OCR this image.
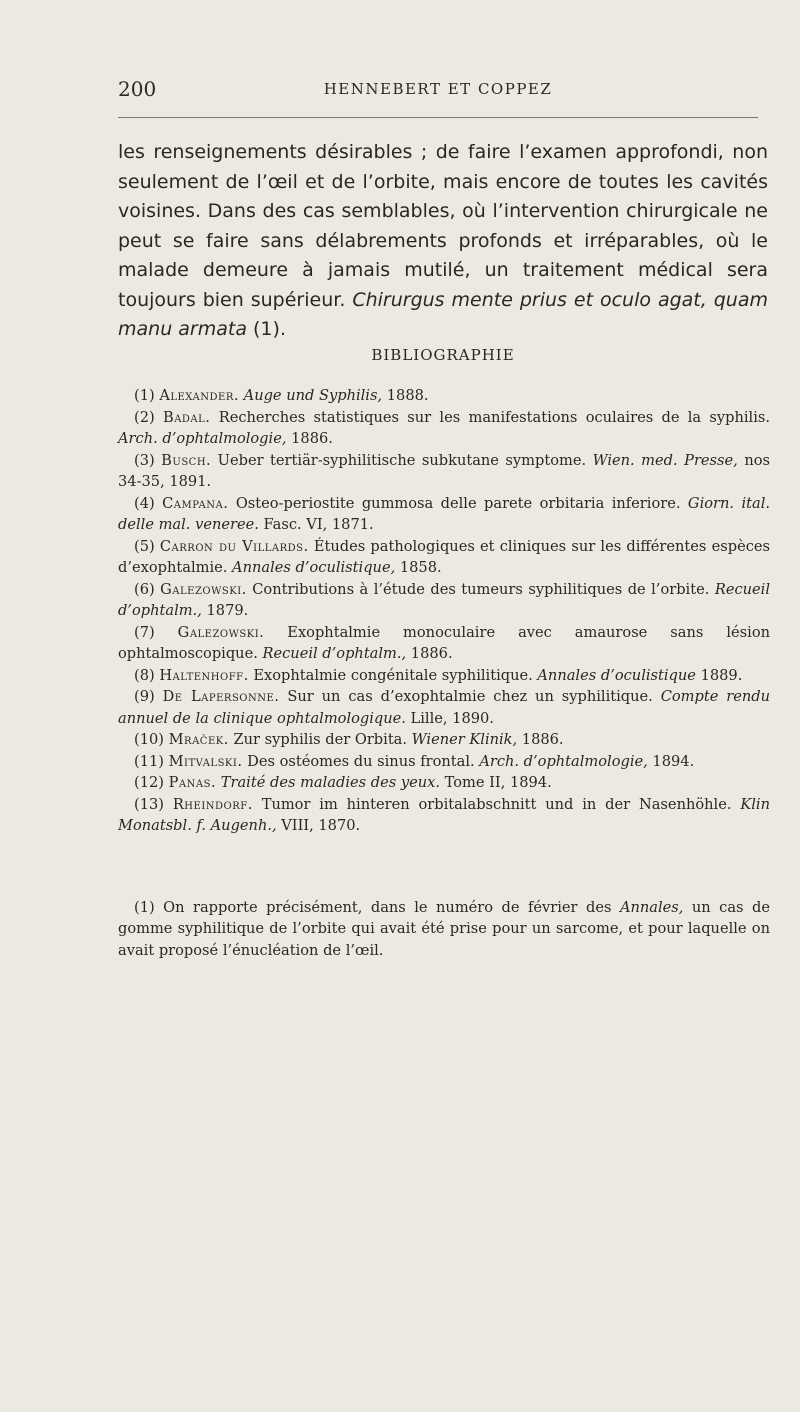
200	HENNEBERT ET COPPEZ
les renseignements désirables ; de faire l’examen approfondi, non seulement de l’œil et de l’orbite, mais encore de toutes les cavités voisines. Dans des cas semblables, où l’intervention chirurgicale ne peut se faire sans délabrements profonds et irréparables, où le malade demeure à jamais mutilé, un traitement médical sera toujours bien supérieur. Chirurgus mente prius et oculo agat, quam manu armata (1).
BIBLIOGRAPHIE

(1) Alexander. Auge und Syphilis, 1888.

(2) Badal. Recherches statistiques sur les manifestations oculaires de la syphilis. Arch. d’ophtalmologie, 1886.

(3) Busch. Ueber tertiär-syphilitische subkutane symptome. Wien. med. Presse, nos 34-35, 1891.

(4) Campana. Osteo-periostite gummosa delle parete orbitaria inferiore. Giorn. ital. delle mal. veneree. Fasc. VI, 1871.

(5) Carron du Villards. Études pathologiques et cliniques sur les différentes espèces d’exophtalmie. Annales d’oculistique, 1858.

(6) Galezowski. Contributions à l’étude des tumeurs syphilitiques de l’orbite. Recueil d’ophtalm., 1879.

(7) Galezowski. Exophtalmie monoculaire avec amaurose sans lésion ophtalmoscopique. Recueil d’ophtalm., 1886.

(8) Haltenhoff. Exophtalmie congénitale syphilitique. Annales d’oculistique 1889.

(9) De Lapersonne. Sur un cas d’exophtalmie chez un syphilitique. Compte rendu annuel de la clinique ophtalmologique. Lille, 1890.

(10) Mraček. Zur syphilis der Orbita. Wiener Klinik, 1886.

(11) Mitvalski. Des ostéomes du sinus frontal. Arch. d’ophtalmologie, 1894.

(12) Panas. Traité des maladies des yeux. Tome II, 1894.

(13) Rheindorf. Tumor im hinteren orbitalabschnitt und in der Nasenhöhle. Klin Monatsbl. f. Augenh., VIII, 1870.

(1) On rapporte précisément, dans le numéro de février des Annales, un cas de gomme syphilitique de l’orbite qui avait été prise pour un sarcome, et pour laquelle on avait proposé l’énucléation de l’œil.
